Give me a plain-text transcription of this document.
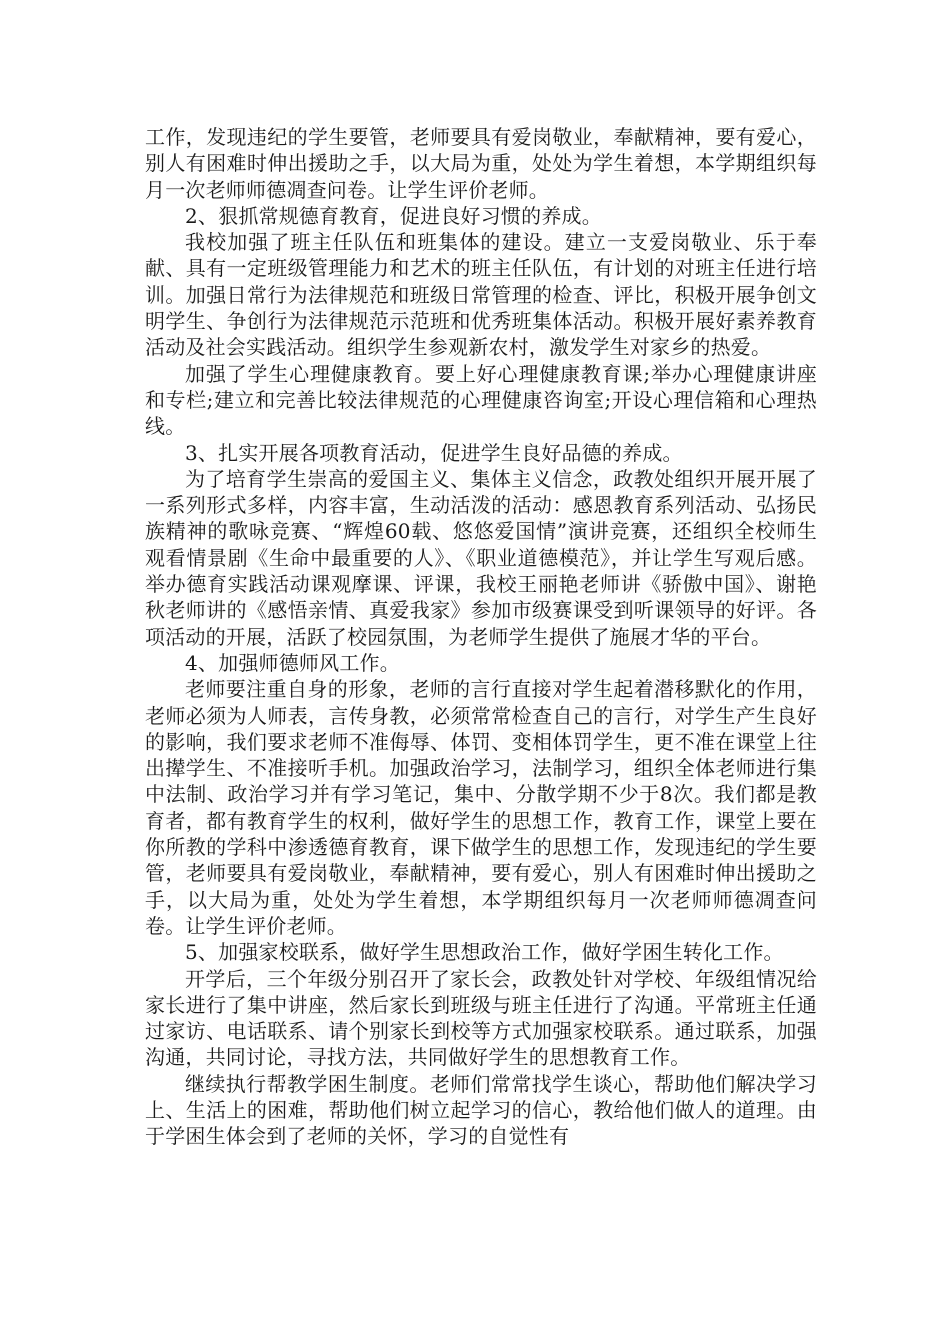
工作，发现违纪的学生要管，老师要具有爱岗敬业，奉献精神，要有爱心，别人有困难时伸出援助之手，以大局为重，处处为学生着想，本学期组织每月一次老师师德凋查问卷。让学生评价老师。

2、狠抓常规德育教育，促进良好习惯的养成。

我校加强了班主任队伍和班集体的建设。建立一支爱岗敬业、乐于奉献、具有一定班级管理能力和艺术的班主任队伍，有计划的对班主任进行培训。加强日常行为法律规范和班级日常管理的检查、评比，积极开展争创文明学生、争创行为法律规范示范班和优秀班集体活动。积极开展好素养教育活动及社会实践活动。组织学生参观新农村，激发学生对家乡的热爱。

加强了学生心理健康教育。要上好心理健康教育课;举办心理健康讲座和专栏;建立和完善比较法律规范的心理健康咨询室;开设心理信箱和心理热线。

3、扎实开展各项教育活动，促进学生良好品德的养成。

为了培育学生崇高的爱国主义、集体主义信念，政教处组织开展开展了一系列形式多样，内容丰富，生动活泼的活动：感恩教育系列活动、弘扬民族精神的歌咏竞赛、“辉煌60载、悠悠爱国情”演讲竞赛，还组织全校师生观看情景剧《生命中最重要的人》、《职业道德模范》，并让学生写观后感。举办德育实践活动课观摩课、评课，我校王丽艳老师讲《骄傲中国》、谢艳秋老师讲的《感悟亲情、真爱我家》参加市级赛课受到听课领导的好评。各项活动的开展，活跃了校园氛围，为老师学生提供了施展才华的平台。

4、加强师德师风工作。

老师要注重自身的形象，老师的言行直接对学生起着潜移默化的作用，老师必须为人师表，言传身教，必须常常检查自己的言行，对学生产生良好的影响，我们要求老师不准侮辱、体罚、变相体罚学生，更不准在课堂上往出撵学生、不准接听手机。加强政治学习，法制学习，组织全体老师进行集中法制、政治学习并有学习笔记，集中、分散学期不少于8次。我们都是教育者，都有教育学生的权利，做好学生的思想工作，教育工作，课堂上要在你所教的学科中渗透德育教育，课下做学生的思想工作，发现违纪的学生要管，老师要具有爱岗敬业，奉献精神，要有爱心，别人有困难时伸出援助之手，以大局为重，处处为学生着想，本学期组织每月一次老师师德凋查问卷。让学生评价老师。

5、加强家校联系，做好学生思想政治工作，做好学困生转化工作。

开学后，三个年级分别召开了家长会，政教处针对学校、年级组情况给家长进行了集中讲座，然后家长到班级与班主任进行了沟通。平常班主任通过家访、电话联系、请个别家长到校等方式加强家校联系。通过联系，加强沟通，共同讨论，寻找方法，共同做好学生的思想教育工作。

继续执行帮教学困生制度。老师们常常找学生谈心，帮助他们解决学习上、生活上的困难，帮助他们树立起学习的信心，教给他们做人的道理。由于学困生体会到了老师的关怀，学习的自觉性有
